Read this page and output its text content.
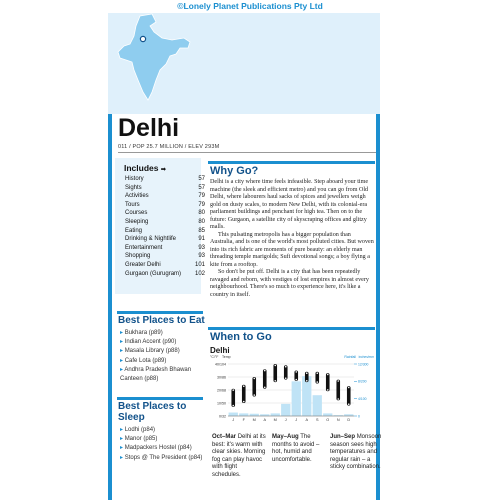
©Lonely Planet Publications Pty Ltd
Delhi
011 / POP 25.7 MILLION / ELEV 293M
Includes ➡
History	57
Sights	57
Activities	79
Tours	79
Courses	80
Sleeping	80
Eating	85
Drinking & Nightlife	91
Entertainment	93
Shopping	93
Greater Delhi	101
Gurgaon (Gurugram) 102
Best Places to Eat
▸ Bukhara (p89)
▸ Indian Accent (p90)
▸ Masala Library (p88)
▸ Cafe Lota (p89)
▸ Andhra Pradesh Bhawan Canteen (p88)
Best Places to Sleep
▸ Lodhi (p84)
▸ Manor (p85)
▸ Madpackers Hostel (p84)
▸ Stops @ The President (p84)
Why Go?

Delhi is a city where time feels infeasible. Step aboard your time machine (the sleek and efficient metro) and you can go from Old Delhi, where labourers haul sacks of spices and jewellers weigh gold on dusty scales, to modern New Delhi, with its colonial-era parliament buildings and penchant for high tea. Then on to the future: Gurgaon, a satellite city of skyscraping offices and glitzy malls.

This pulsating metropolis has a bigger population than Australia, and is one of the world's most polluted cities. But woven into its rich fabric are moments of pure beauty: an elderly man threading temple marigolds; Sufi devotional songs; a boy flying a kite from a rooftop.

So don't be put off. Delhi is a city that has been repeatedly ravaged and reborn, with vestiges of lost empires in almost every neighbourhood. There's so much to experience here, it's like a country in itself.

When to Go
Delhi
°C/°F Temp	Rainfall inches/mm
40/104
30/86
20/68
10/50
0/32
12/300
8/200
4/100
0
J F M A M J J A S O N D
Oct–Mar Delhi at its best: it's warm with clear skies. Morning fog can play havoc with flight schedules.
May–Aug The months to avoid – hot, humid and uncomfortable.
Jun–Sep Monsoon season sees high temperatures and regular rain – a sticky combination.
